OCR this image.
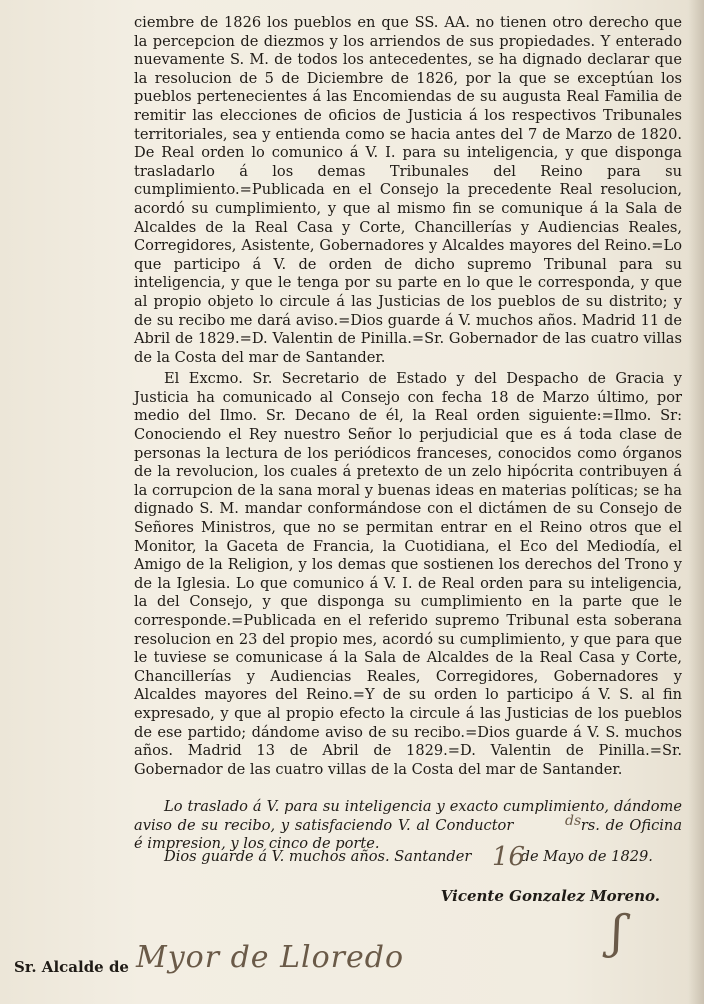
ciembre de 1826 los pueblos en que SS. AA. no tienen otro derecho que la percepcion de diezmos y los arriendos de sus propiedades. Y enterado nuevamente S. M. de todos los antecedentes, se ha dignado declarar que la resolucion de 5 de Diciembre de 1826, por la que se exceptúan los pueblos pertenecientes á las Encomiendas de su augusta Real Familia de remitir las elecciones de oficios de Justicia á los respectivos Tribunales territoriales, sea y entienda como se hacia antes del 7 de Marzo de 1820. De Real orden lo comunico á V. I. para su inteligencia, y que disponga trasladarlo á los demas Tribunales del Reino para su cumplimiento.=Publicada en el Consejo la precedente Real resolucion, acordó su cumplimiento, y que al mismo fin se comunique á la Sala de Alcaldes de la Real Casa y Corte, Chancillerías y Audiencias Reales, Corregidores, Asistente, Gobernadores y Alcaldes mayores del Reino.=Lo que participo á V. de orden de dicho supremo Tribunal para su inteligencia, y que le tenga por su parte en lo que le corresponda, y que al propio objeto lo circule á las Justicias de los pueblos de su distrito; y de su recibo me dará aviso.=Dios guarde á V. muchos años. Madrid 11 de Abril de 1829.=D. Valentin de Pinilla.=Sr. Gobernador de las cuatro villas de la Costa del mar de Santander.

El Excmo. Sr. Secretario de Estado y del Despacho de Gracia y Justicia ha comunicado al Consejo con fecha 18 de Marzo último, por medio del Ilmo. Sr. Decano de él, la Real orden siguiente:=Ilmo. Sr: Conociendo el Rey nuestro Señor lo perjudicial que es á toda clase de personas la lectura de los periódicos franceses, conocidos como órganos de la revolucion, los cuales á pretexto de un zelo hipócrita contribuyen á la corrupcion de la sana moral y buenas ideas en materias políticas; se ha dignado S. M. mandar conformándose con el dictámen de su Consejo de Señores Ministros, que no se permitan entrar en el Reino otros que el Monitor, la Gaceta de Francia, la Cuotidiana, el Eco del Mediodía, el Amigo de la Religion, y los demas que sostienen los derechos del Trono y de la Iglesia. Lo que comunico á V. I. de Real orden para su inteligencia, la del Consejo, y que disponga su cumplimiento en la parte que le corresponde.=Publicada en el referido supremo Tribunal esta soberana resolucion en 23 del propio mes, acordó su cumplimiento, y que para que le tuviese se comunicase á la Sala de Alcaldes de la Real Casa y Corte, Chancillerías y Audiencias Reales, Corregidores, Gobernadores y Alcaldes mayores del Reino.=Y de su orden lo participo á V. S. al fin expresado, y que al propio efecto la circule á las Justicias de los pueblos de ese partido; dándome aviso de su recibo.=Dios guarde á V. S. muchos años. Madrid 13 de Abril de 1829.=D. Valentin de Pinilla.=Sr. Gobernador de las cuatro villas de la Costa del mar de Santander.

Lo traslado á V. para su inteligencia y exacto cumplimiento, dándome aviso de su recibo, y satisfaciendo V. al Conductor	rs. de Oficina é impresion, y los cinco de porte.
Dios guarde á V. muchos años. Santander	de Mayo de 1829.
ds
16
Vicente Gonzalez Moreno.
ʃ
Sr. Alcalde de Myor de Lloredo
